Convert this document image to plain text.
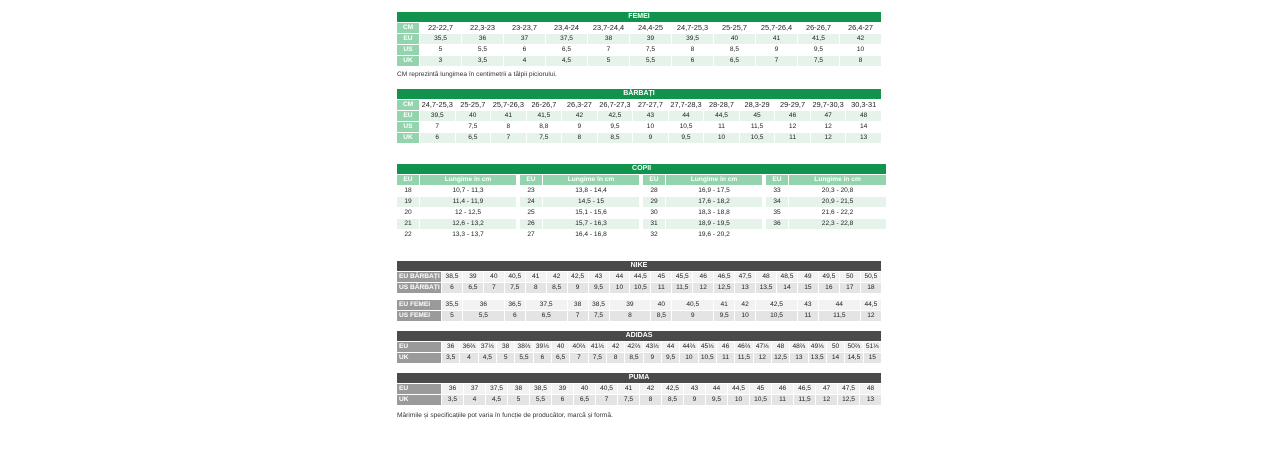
FEMEI											
CM	22-22,7	22,3-23	23-23,7	23,4-24	23,7-24,4	24,4-25	24,7-25,3	25-25,7	25,7-26,4	26-26,7	26,4-27
EU	35,5	36	37	37,5	38	39	39,5	40	41	41,5	42
US	5	5,5	6	6,5	7	7,5	8	8,5	9	9,5	10
UK	3	3,5	4	4,5	5	5,5	6	6,5	7	7,5	8
CM reprezintă lungimea în centimetrii a tălpii piciorului.
BĂRBAȚI													
CM	24,7-25,3	25-25,7	25,7-26,3	26-26,7	26,3-27	26,7-27,3	27-27,7	27,7-28,3	28-28,7	28,3-29	29-29,7	29,7-30,3	30,3-31
EU	39,5	40	41	41,5	42	42,5	43	44	44,5	45	46	47	48
US	7	7,5	8	8,8	9	9,5	10	10,5	11	11,5	12	12	14
UK	6	6,5	7	7,5	8	8,5	9	9,5	10	10,5	11	12	13
COPII										
EU	Lungime în cm		EU	Lungime în cm		EU	Lungime în cm		EU	Lungime în cm
18	10,7 - 11,3		23	13,8 - 14,4		28	16,9 - 17,5		33	20,3 - 20,8
19	11,4 - 11,9		24	14,5 - 15		29	17,6 - 18,2		34	20,9 - 21,5
20	12 - 12,5		25	15,1 - 15,6		30	18,3 - 18,8		35	21,6 - 22,2
21	12,6 - 13,2		26	15,7 - 16,3		31	18,9 - 19,5		36	22,3 - 22,8
22	13,3 - 13,7		27	16,4 - 16,8		32	19,6 - 20,2			
NIKE																					
EU BĂRBAȚI	38,5	39	40	40,5	41	42	42,5	43	44	44,5	45	45,5	46	46,5	47,5	48	48,5	49	49,5	50	50,5
US BĂRBAȚI	6	6,5	7	7,5	8	8,5	9	9,5	10	10,5	11	11,5	12	12,5	13	13,5	14	15	16	17	18

EU FEMEI	35,5	36		36,5	37,5		38	38,5	39		40	40,5		41	42	42,5		43	44		44,5
US FEMEI	5	5,5		6	6,5		7	7,5	8		8,5	9		9,5	10	10,5		11	11,5		12
ADIDAS																								
EU	36	36⅔	37⅓	38	38⅔	39⅓	40	40⅔	41⅓	42	42⅔	43⅓	44	44⅔	45⅓	46	46⅔	47⅓	48	48⅔	49⅓	50	50⅔	51⅓
UK	3,5	4	4,5	5	5,5	6	6,5	7	7,5	8	8,5	9	9,5	10	10,5	11	11,5	12	12,5	13	13,5	14	14,5	15
PUMA																				
EU	36	37	37,5	38	38,5	39	40	40,5	41	42	42,5	43	44	44,5	45	46	46,5	47	47,5	48
UK	3,5	4	4,5	5	5,5	6	6,5	7	7,5	8	8,5	9	9,5	10	10,5	11	11,5	12	12,5	13
Mărimile și specificațiile pot varia în funcție de producător, marcă și formă.
